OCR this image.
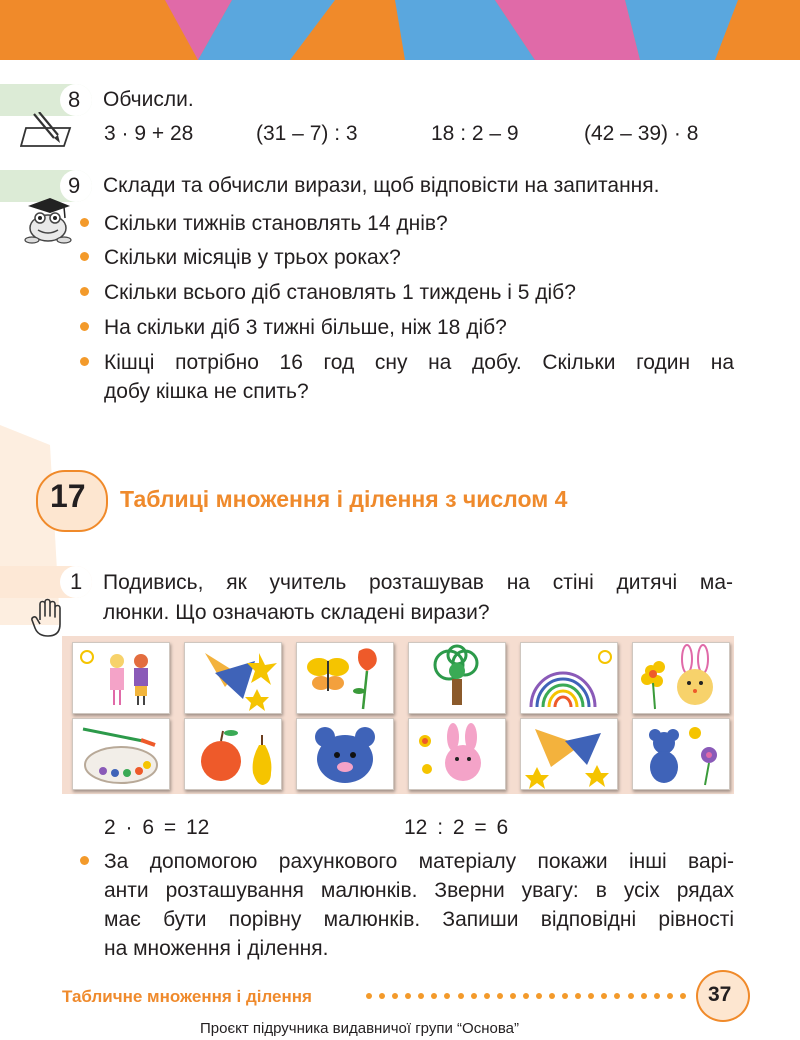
8 Обчисли.
3 · 9 + 28	(31 – 7) : 3	18 : 2 – 9	(42 – 39) · 8
9 Склади та обчисли вирази, щоб відповісти на запитання.
Скільки тижнів становлять 14 днів?
Скільки місяців у трьох роках?
Скільки всього діб становлять 1 тиждень і 5 діб?
На скільки діб 3 тижні більше, ніж 18 діб?
Кішці потрібно 16 год сну на добу. Скільки годин на
добу кішка не спить?
17 Таблиці множення і ділення з числом 4
1 Подивись, як учитель розташував на стіні дитячі ма-
люнки. Що означають складені вирази?
2 · 6 = 12	12 : 2 = 6
За допомогою рахункового матеріалу покажи інші варі-
анти розташування малюнків. Зверни увагу: в усіх рядах
має бути порівну малюнків. Запиши відповідні рівності
на множення і ділення.
Табличне множення і ділення	37
Проєкт підручника видавничої групи “Основа”
